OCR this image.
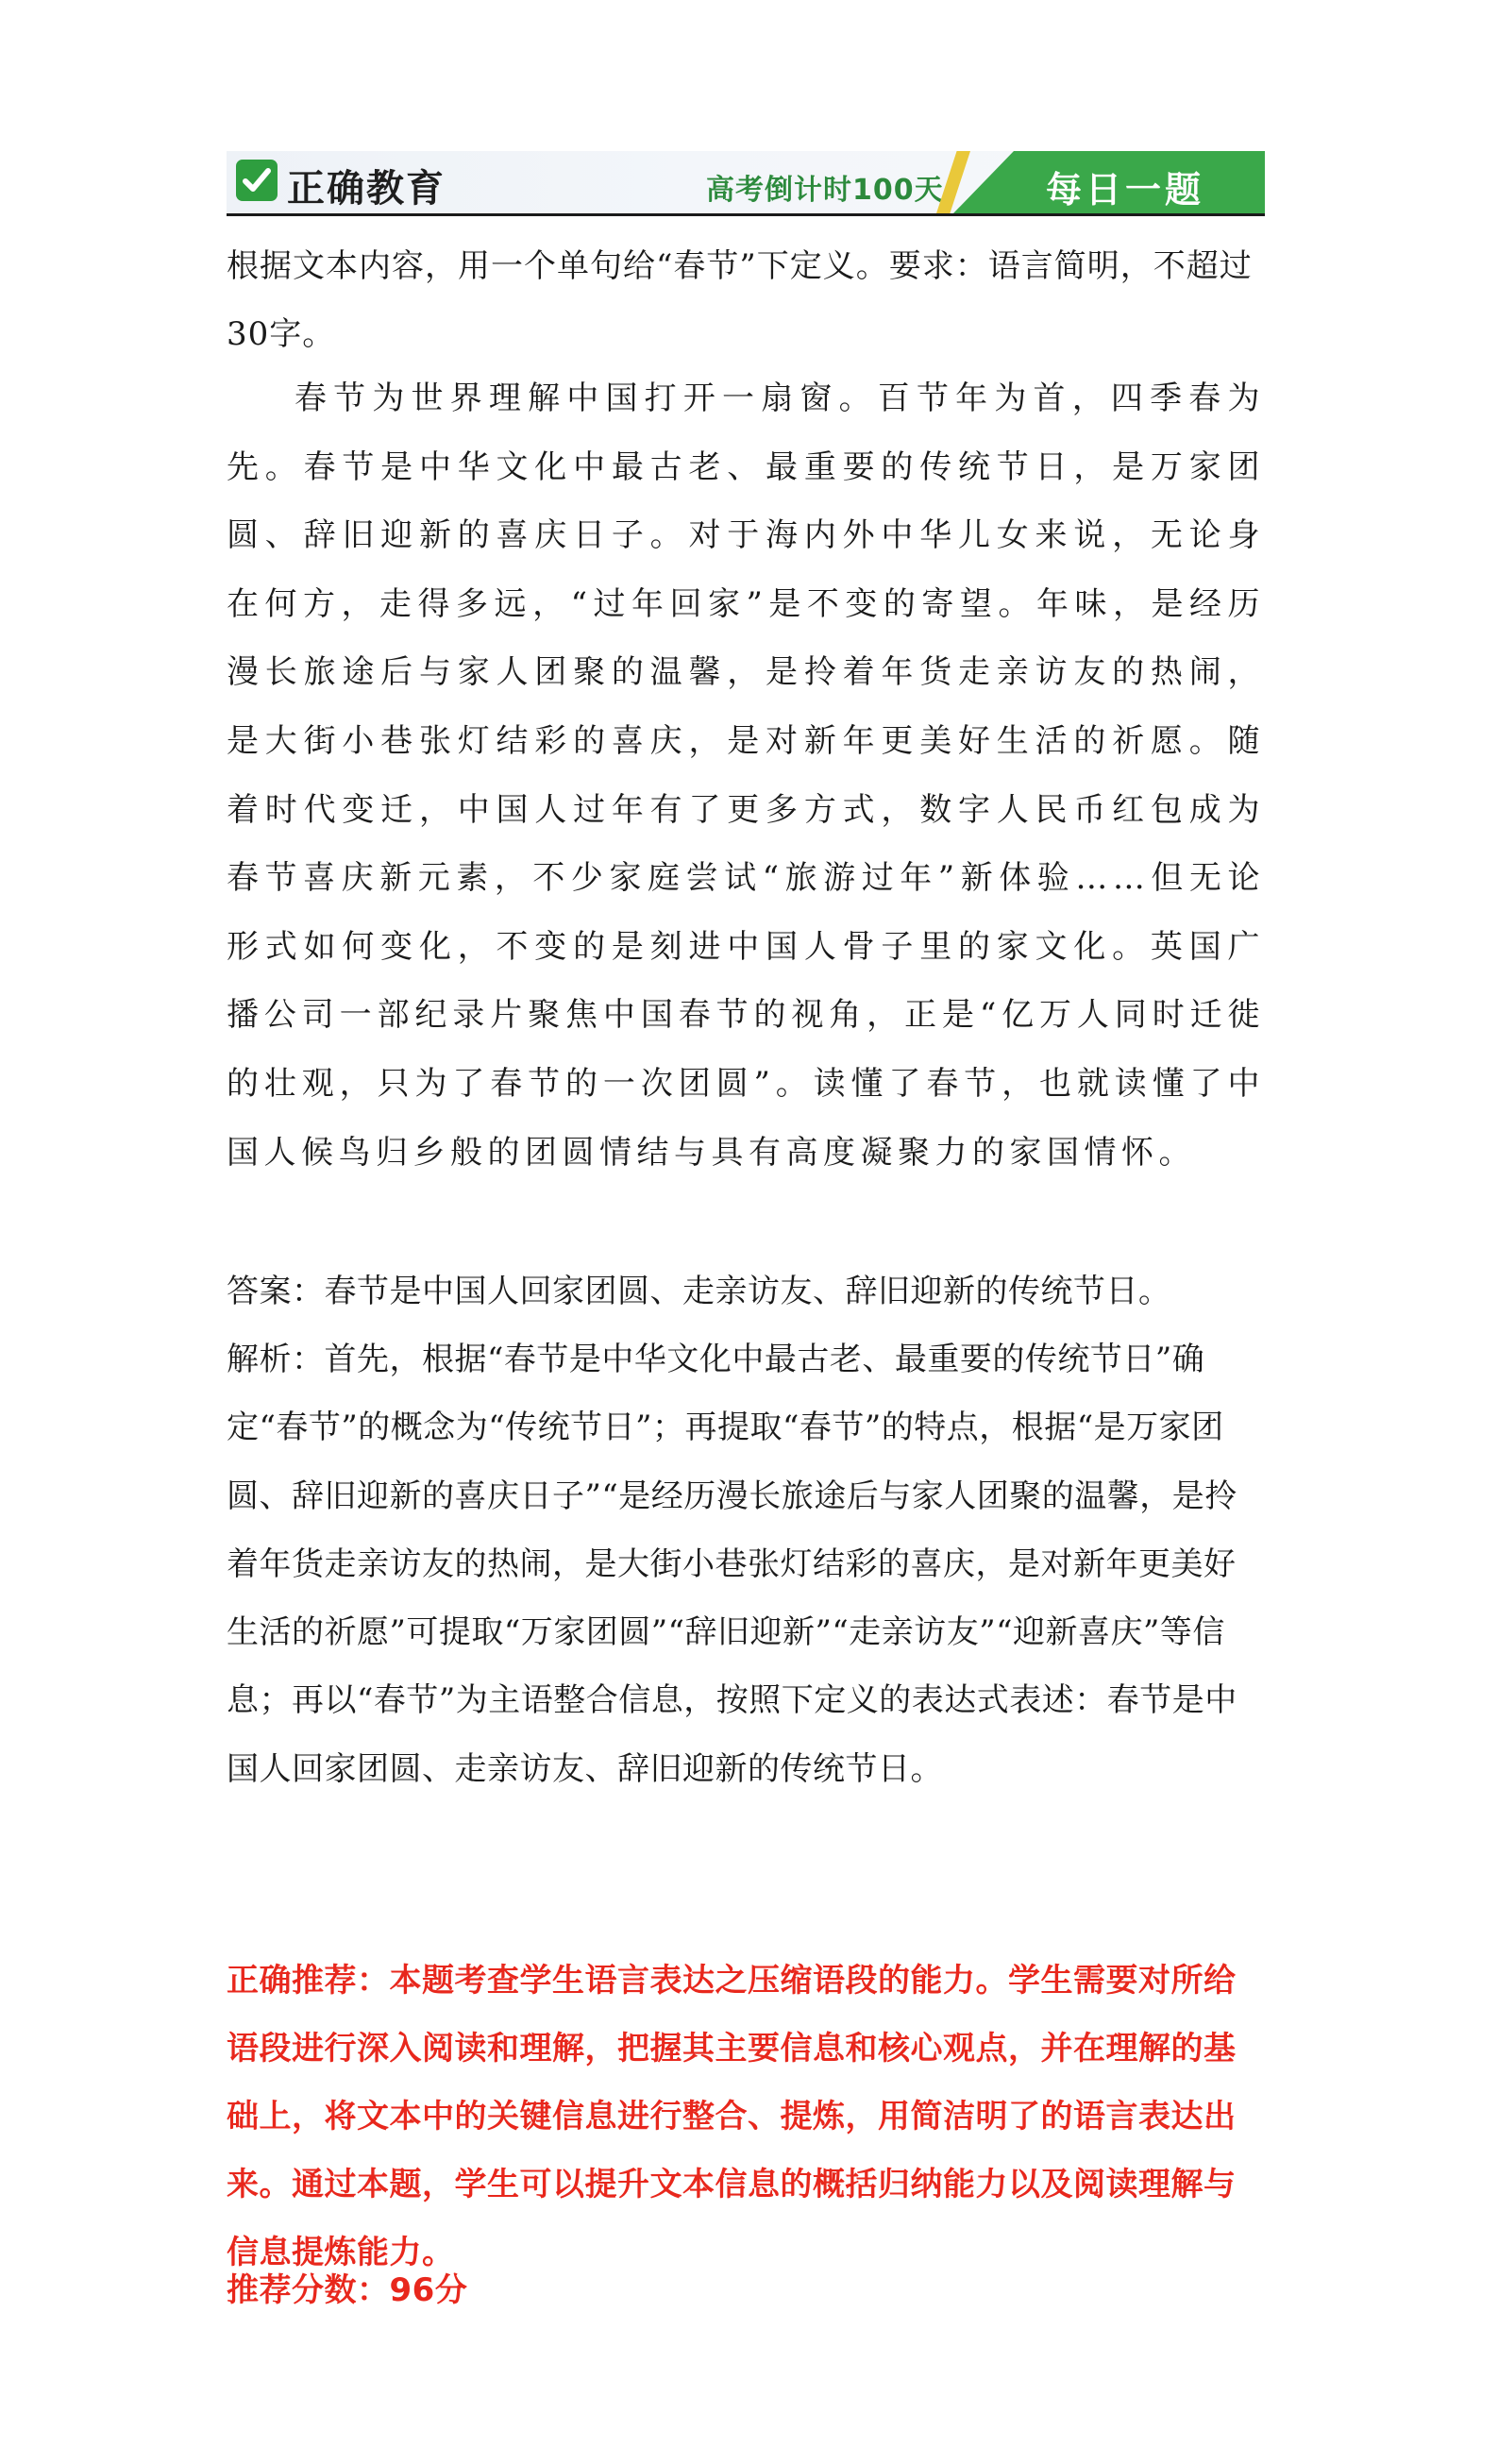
正确教育	高考倒计时100天	每日一题
根据文本内容，用一个单句给“春节”下定义。要求：语言简明，不超过30字。
春节为世界理解中国打开一扇窗。百节年为首，四季春为先。春节是中华文化中最古老、最重要的传统节日，是万家团圆、辞旧迎新的喜庆日子。对于海内外中华儿女来说，无论身在何方，走得多远，“过年回家”是不变的寄望。年味，是经历漫长旅途后与家人团聚的温馨，是拎着年货走亲访友的热闹，是大街小巷张灯结彩的喜庆，是对新年更美好生活的祈愿。随着时代变迁，中国人过年有了更多方式，数字人民币红包成为春节喜庆新元素，不少家庭尝试“旅游过年”新体验……但无论形式如何变化，不变的是刻进中国人骨子里的家文化。英国广播公司一部纪录片聚焦中国春节的视角，正是“亿万人同时迁徙的壮观，只为了春节的一次团圆”。读懂了春节，也就读懂了中国人候鸟归乡般的团圆情结与具有高度凝聚力的家国情怀。
答案：春节是中国人回家团圆、走亲访友、辞旧迎新的传统节日。
解析：首先，根据“春节是中华文化中最古老、最重要的传统节日”确定“春节”的概念为“传统节日”；再提取“春节”的特点，根据“是万家团圆、辞旧迎新的喜庆日子”“是经历漫长旅途后与家人团聚的温馨，是拎着年货走亲访友的热闹，是大街小巷张灯结彩的喜庆，是对新年更美好生活的祈愿”可提取“万家团圆”“辞旧迎新”“走亲访友”“迎新喜庆”等信息；再以“春节”为主语整合信息，按照下定义的表达式表述：春节是中国人回家团圆、走亲访友、辞旧迎新的传统节日。
正确推荐：本题考查学生语言表达之压缩语段的能力。学生需要对所给语段进行深入阅读和理解，把握其主要信息和核心观点，并在理解的基础上，将文本中的关键信息进行整合、提炼，用简洁明了的语言表达出来。通过本题，学生可以提升文本信息的概括归纳能力以及阅读理解与信息提炼能力。
推荐分数：96分
